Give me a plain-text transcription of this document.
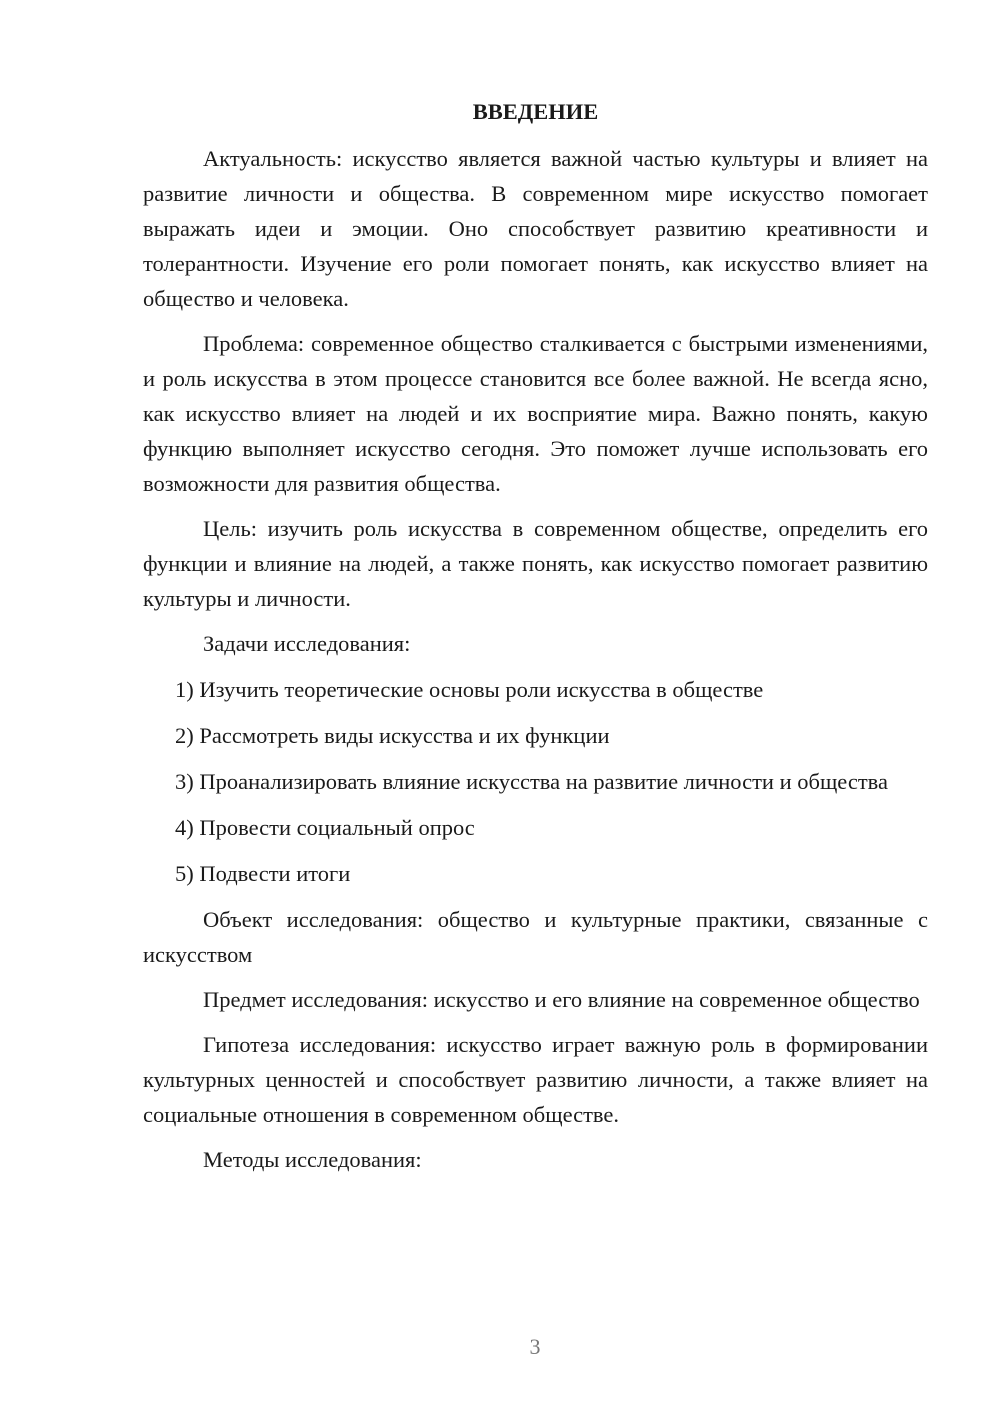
ВВЕДЕНИЕ

Актуальность: искусство является важной частью культуры и влияет на развитие личности и общества. В современном мире искусство помогает выражать идеи и эмоции. Оно способствует развитию креативности и толерантности. Изучение его роли помогает понять, как искусство влияет на общество и человека.

Проблема: современное общество сталкивается с быстрыми изменениями, и роль искусства в этом процессе становится все более важной. Не всегда ясно, как искусство влияет на людей и их восприятие мира. Важно понять, какую функцию выполняет искусство сегодня. Это поможет лучше использовать его возможности для развития общества.

Цель: изучить роль искусства в современном обществе, определить его функции и влияние на людей, а также понять, как искусство помогает развитию культуры и личности.

Задачи исследования:

1) Изучить теоретические основы роли искусства в обществе

2) Рассмотреть виды искусства и их функции

3) Проанализировать влияние искусства на развитие личности и общества

4) Провести социальный опрос

5) Подвести итоги

Объект исследования: общество и культурные практики, связанные с искусством

Предмет исследования: искусство и его влияние на современное общество

Гипотеза исследования: искусство играет важную роль в формировании культурных ценностей и способствует развитию личности, а также влияет на социальные отношения в современном обществе.

Методы исследования:

3
